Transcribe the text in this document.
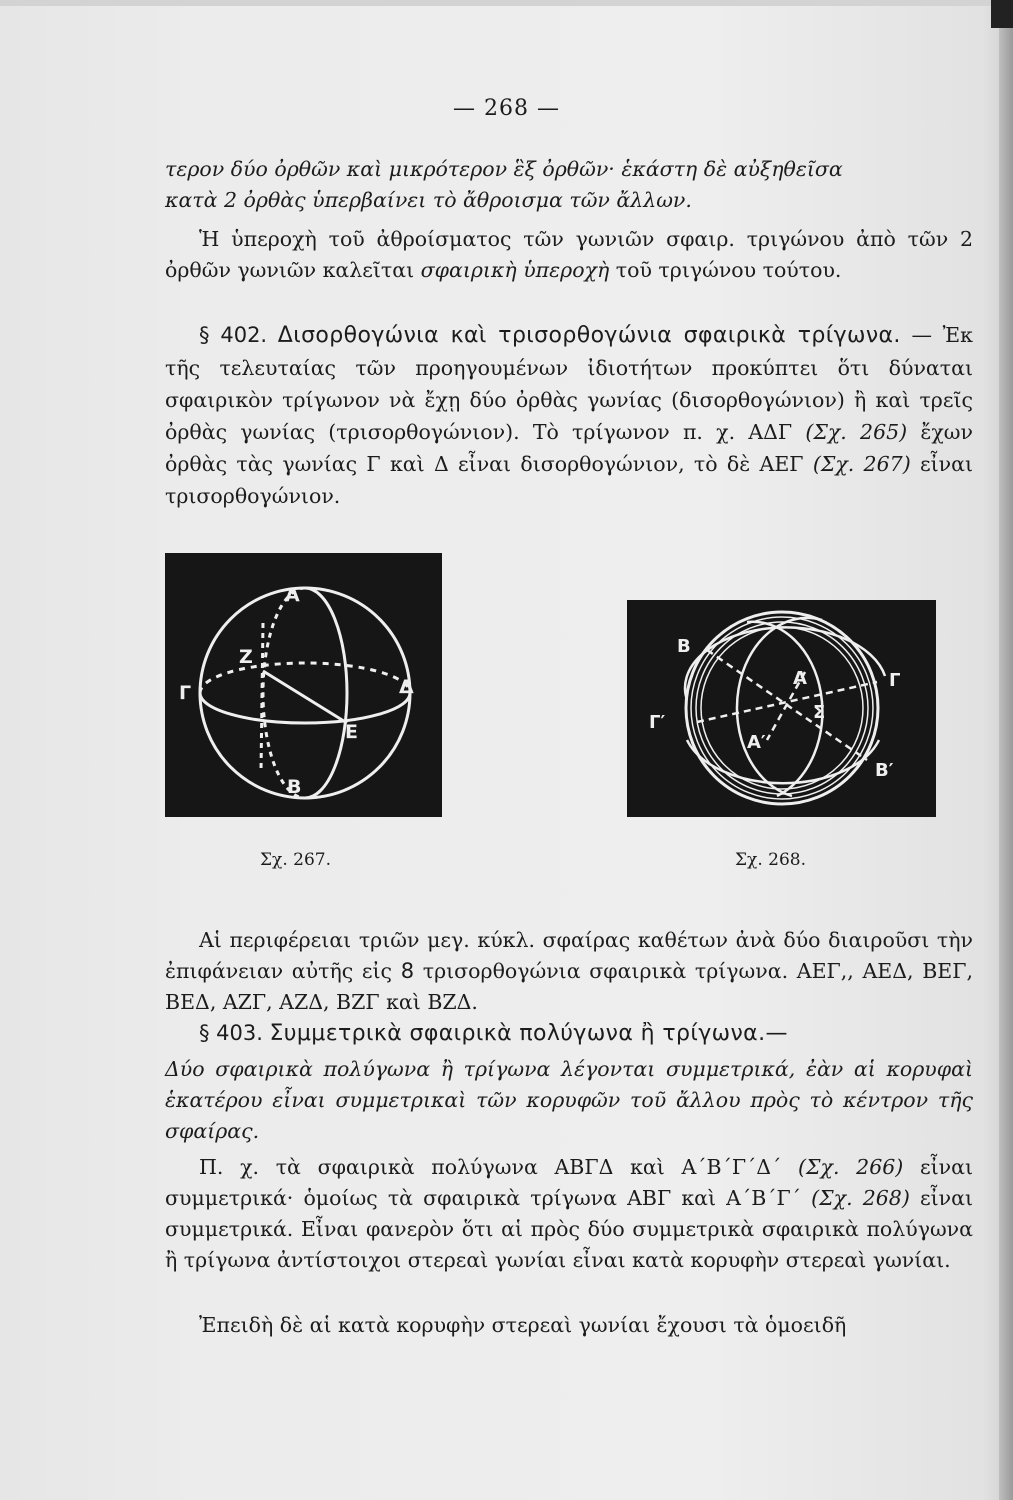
— 268 —
τερον δύο ὀρθῶν καὶ μικρότερον ἓξ ὀρθῶν· ἑκάστη δὲ αὐξηθεῖσα
κατὰ 2 ὀρθὰς ὑπερβαίνει τὸ ἄθροισμα τῶν ἄλλων.
Ἡ ὑπεροχὴ τοῦ ἀθροίσματος τῶν γωνιῶν σφαιρ. τριγώνου ἀπὸ τῶν 2 ὀρθῶν γωνιῶν καλεῖται σφαιρικὴ ὑπεροχὴ τοῦ τριγώνου τούτου.
§ 402. Δισορθογώνια καὶ τρισορθογώνια σφαιρικὰ τρίγωνα. — Ἐκ τῆς τελευταίας τῶν προηγουμένων ἰδιοτήτων προκύπτει ὅτι δύναται σφαιρικὸν τρίγωνον νὰ ἔχῃ δύο ὀρθὰς γωνίας (δισορθογώνιον) ἢ καὶ τρεῖς ὀρθὰς γωνίας (τρισορθογώνιον). Τὸ τρίγωνον π. χ. ΑΔΓ (Σχ. 265) ἔχων ὀρθὰς τὰς γωνίας Γ καὶ Δ εἶναι δισορθογώνιον, τὸ δὲ ΑΕΓ (Σχ. 267) εἶναι τρισορθογώνιον.
Α
Z
Γ	Δ
Ε
Β
Β
Α	Γ
Γ′	Σ
Α′
Β′
Σχ. 267.	Σχ. 268.
Αἱ περιφέρειαι τριῶν μεγ. κύκλ. σφαίρας καθέτων ἀνὰ δύο διαιροῦσι τὴν ἐπιφάνειαν αὐτῆς εἰς 8 τρισορθογώνια σφαιρικὰ τρίγωνα. ΑΕΓ,, ΑΕΔ, ΒΕΓ, ΒΕΔ, ΑΖΓ, ΑΖΔ, ΒΖΓ καὶ ΒΖΔ.
§ 403. Συμμετρικὰ σφαιρικὰ πολύγωνα ἢ τρίγωνα.—
Δύο σφαιρικὰ πολύγωνα ἢ τρίγωνα λέγονται συμμετρικά, ἐὰν αἱ κορυφαὶ ἑκατέρου εἶναι συμμετρικαὶ τῶν κορυφῶν τοῦ ἄλλου πρὸς τὸ κέντρον τῆς σφαίρας.
Π. χ. τὰ σφαιρικὰ πολύγωνα ΑΒΓΔ καὶ Α΄Β΄Γ΄Δ΄ (Σχ. 266) εἶναι συμμετρικά· ὁμοίως τὰ σφαιρικὰ τρίγωνα ΑΒΓ καὶ Α΄Β΄Γ΄ (Σχ. 268) εἶναι συμμετρικά. Εἶναι φανερὸν ὅτι αἱ πρὸς δύο συμμετρικὰ σφαιρικὰ πολύγωνα ἢ τρίγωνα ἀντίστοιχοι στερεαὶ γωνίαι εἶναι κατὰ κορυφὴν στερεαὶ γωνίαι.
Ἐπειδὴ δὲ αἱ κατὰ κορυφὴν στερεαὶ γωνίαι ἔχουσι τὰ ὁμοειδῆ
